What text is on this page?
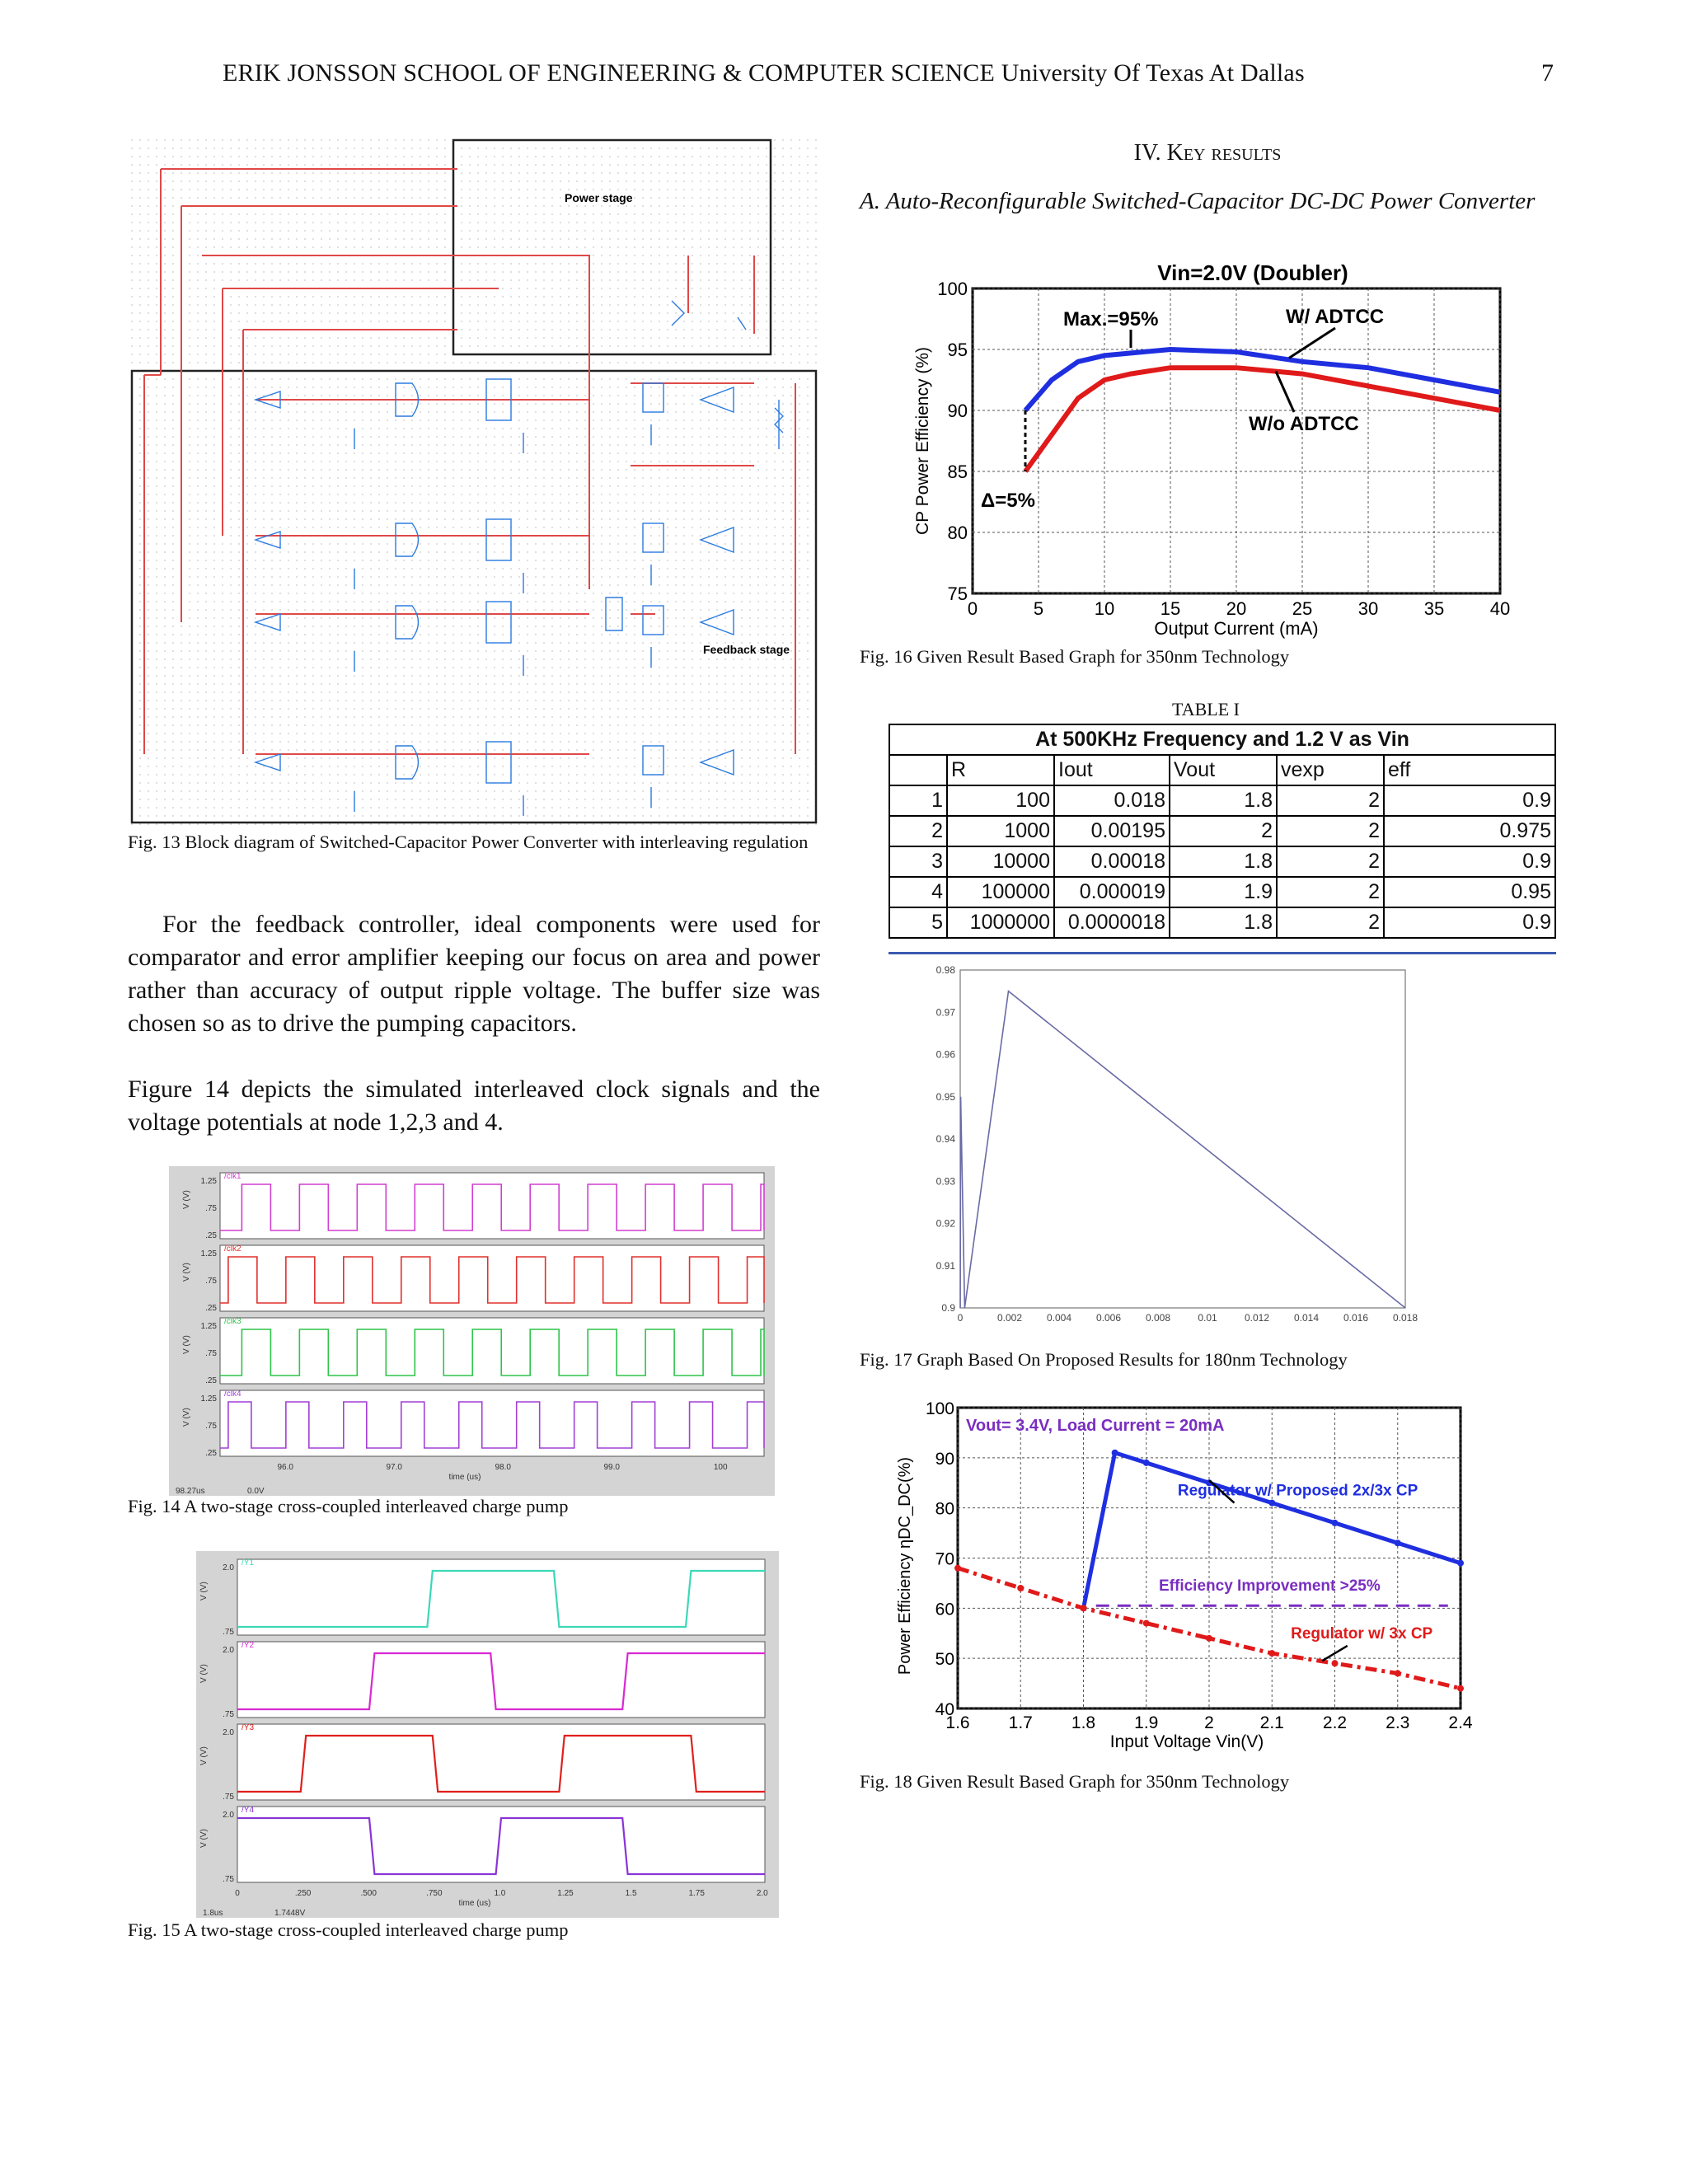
ERIK JONSSON SCHOOL OF ENGINEERING & COMPUTER SCIENCE University Of Texas At Dallas	7
Power stage
Feedback stage
Fig. 13 Block diagram of Switched-Capacitor Power Converter with interleaving regulation
For the feedback controller, ideal components were used for comparator and error amplifier keeping our focus on area and power rather than accuracy of output ripple voltage. The buffer size was chosen so as to drive the pumping capacitors.
Figure 14 depicts the simulated interleaved clock signals and the voltage potentials at node 1,2,3 and 4.
/clk1
1.25
.75
.25
V (V)
/clk2
1.25
.75
.25
V (V)
/clk3
1.25
.75
.25
V (V)
/clk4
1.25
.75
.25
V (V)
96.0	97.0	98.0	99.0	100
time (us)
98.27us	0.0V
Fig. 14 A two-stage cross-coupled interleaved charge pump
/Y1
2.0
.75
V (V)
/Y2
2.0
.75
V (V)
/Y3
2.0
.75
V (V)
/Y4
2.0
.75
V (V)
0	.250	.500	.750	1.0	1.25	1.5	1.75	2.0
time (us)
1.8us	1.7448V
Fig. 15 A two-stage cross-coupled interleaved charge pump
IV. Key results
A. Auto-Reconfigurable Switched-Capacitor DC-DC Power Converter
0	5	10	15	20	25	30	35	40
75
80
85
90
95
100
Output Current (mA)
CP Power Efficiency (%)
Vin=2.0V (Doubler)
Max.=95%	W/ ADTCC
W/o ADTCC
Δ=5%
Fig. 16 Given Result Based Graph for 350nm Technology
TABLE I
At 500KHz Frequency and 1.2 V as Vin					
	R	Iout	Vout	vexp	eff
1	100	0.018	1.8	2	0.9
2	1000	0.00195	2	2	0.975
3	10000	0.00018	1.8	2	0.9
4	100000	0.000019	1.9	2	0.95
5	1000000	0.0000018	1.8	2	0.9
0	0.002 0.004 0.006 0.008	0.01	0.012 0.014 0.016 0.018
0.9
0.91
0.92
0.93
0.94
0.95
0.96
0.97
0.98
Fig. 17 Graph Based On Proposed Results for 180nm Technology
1.6 1.7 1.8 1.9	2	2.1 2.2 2.3 2.4
40
50
60
70
80
90
100
Input Voltage Vin(V)
Power Efficiency ηDC_DC(%)
Vout= 3.4V, Load Current = 20mA
Efficiency Improvement >25%
Regulator w/ Proposed 2x/3x CP
Regulator w/ 3x CP
Fig. 18 Given Result Based Graph for 350nm Technology
